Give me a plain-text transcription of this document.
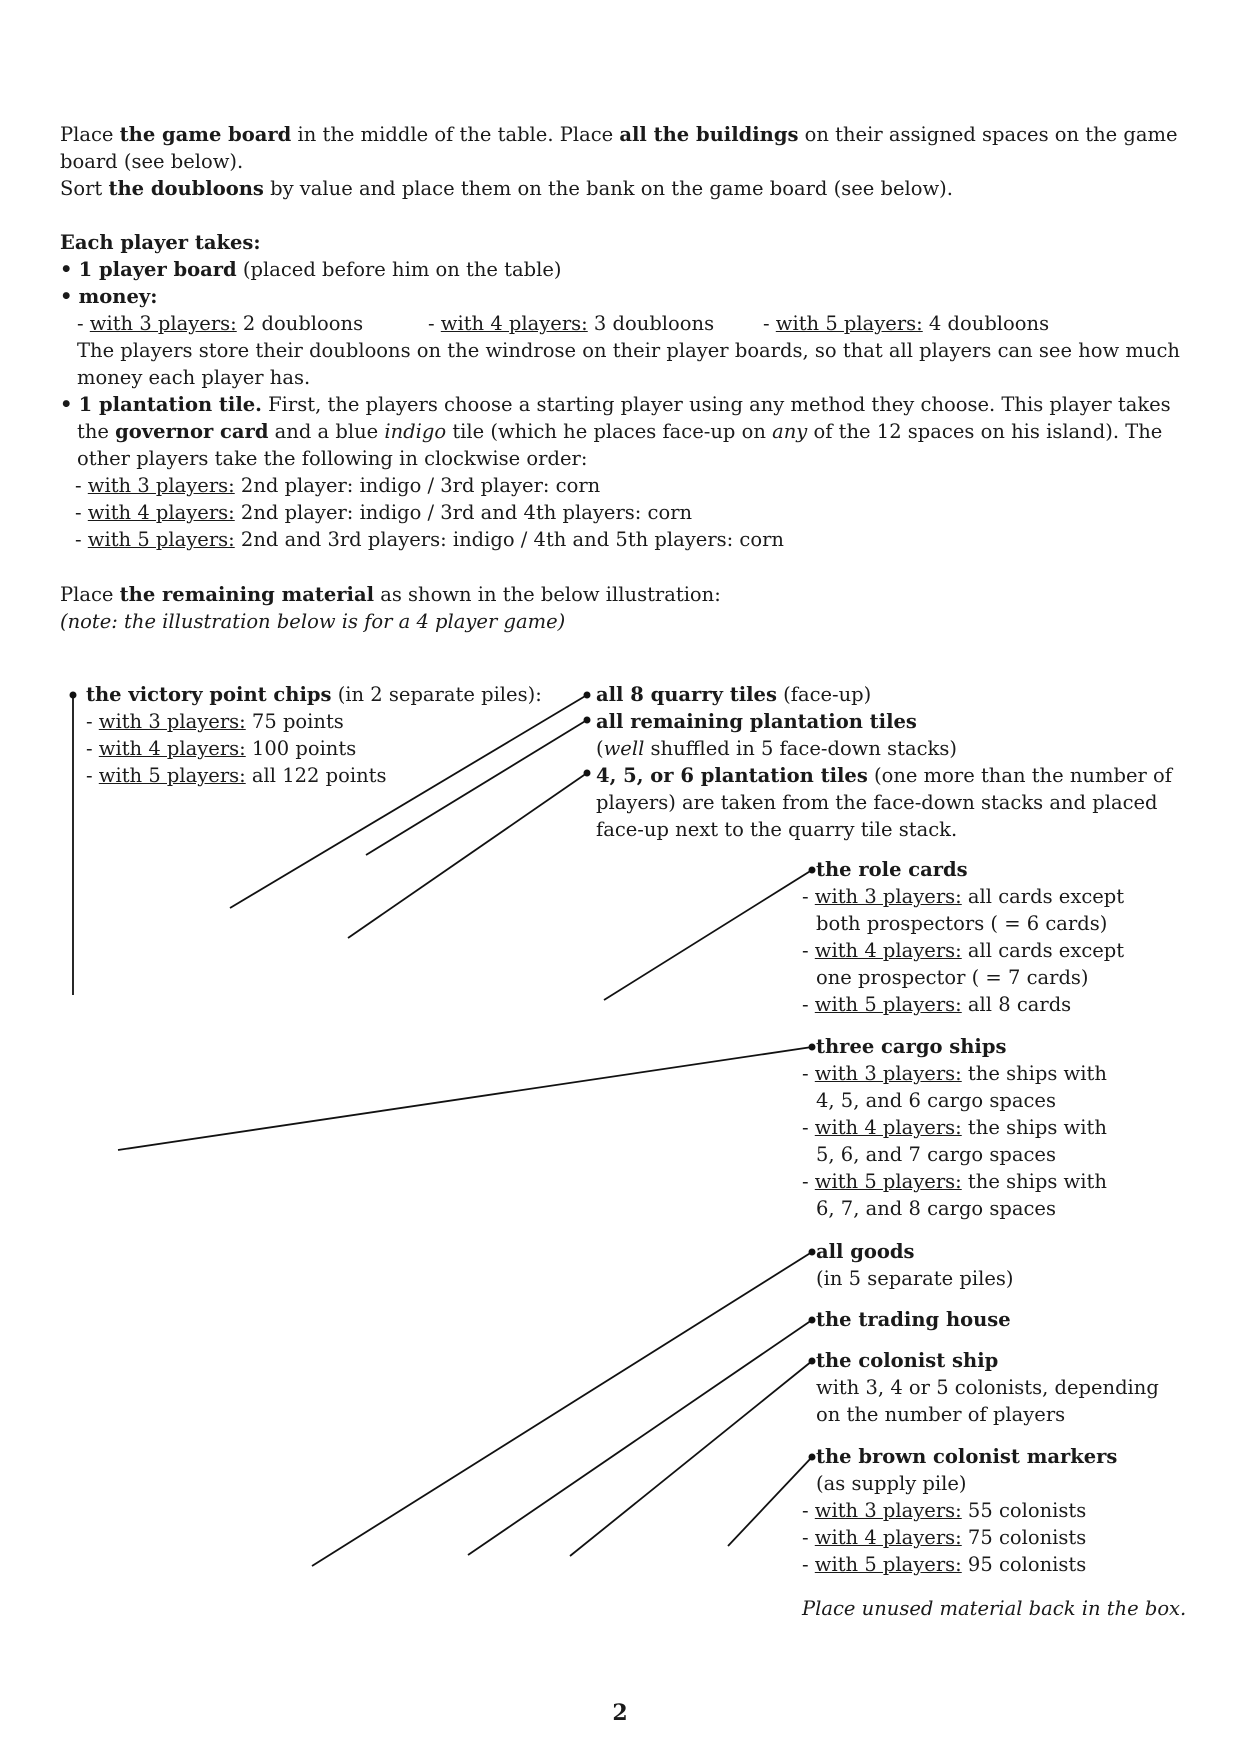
Place the game board in the middle of the table. Place all the buildings on their assigned spaces on the game
board (see below).
Sort the doubloons by value and place them on the bank on the game board (see below).
Each player takes:
• 1 player board (placed before him on the table)
• money:
- with 3 players: 2 doubloons	- with 4 players: 3 doubloons	- with 5 players: 4 doubloons
The players store their doubloons on the windrose on their player boards, so that all players can see how much
money each player has.
• 1 plantation tile. First, the players choose a starting player using any method they choose. This player takes
the governor card and a blue indigo tile (which he places face-up on any of the 12 spaces on his island). The
other players take the following in clockwise order:
- with 3 players: 2nd player: indigo / 3rd player: corn
- with 4 players: 2nd player: indigo / 3rd and 4th players: corn
- with 5 players: 2nd and 3rd players: indigo / 4th and 5th players: corn
Place the remaining material as shown in the below illustration:
(note: the illustration below is for a 4 player game)
the victory point chips (in 2 separate piles):
- with 3 players: 75 points
- with 4 players: 100 points
- with 5 players: all 122 points
all 8 quarry tiles (face-up)
all remaining plantation tiles
(well shuffled in 5 face-down stacks)
4, 5, or 6 plantation tiles (one more than the number of
players) are taken from the face-down stacks and placed
face-up next to the quarry tile stack.
the role cards
- with 3 players: all cards except
both prospectors ( = 6 cards)
- with 4 players: all cards except
one prospector ( = 7 cards)
- with 5 players: all 8 cards
three cargo ships
- with 3 players: the ships with
4, 5, and 6 cargo spaces
- with 4 players: the ships with
5, 6, and 7 cargo spaces
- with 5 players: the ships with
6, 7, and 8 cargo spaces
all goods
(in 5 separate piles)
the trading house
the colonist ship
with 3, 4 or 5 colonists, depending
on the number of players
the brown colonist markers
(as supply pile)
- with 3 players: 55 colonists
- with 4 players: 75 colonists
- with 5 players: 95 colonists
Place unused material back in the box.
2
